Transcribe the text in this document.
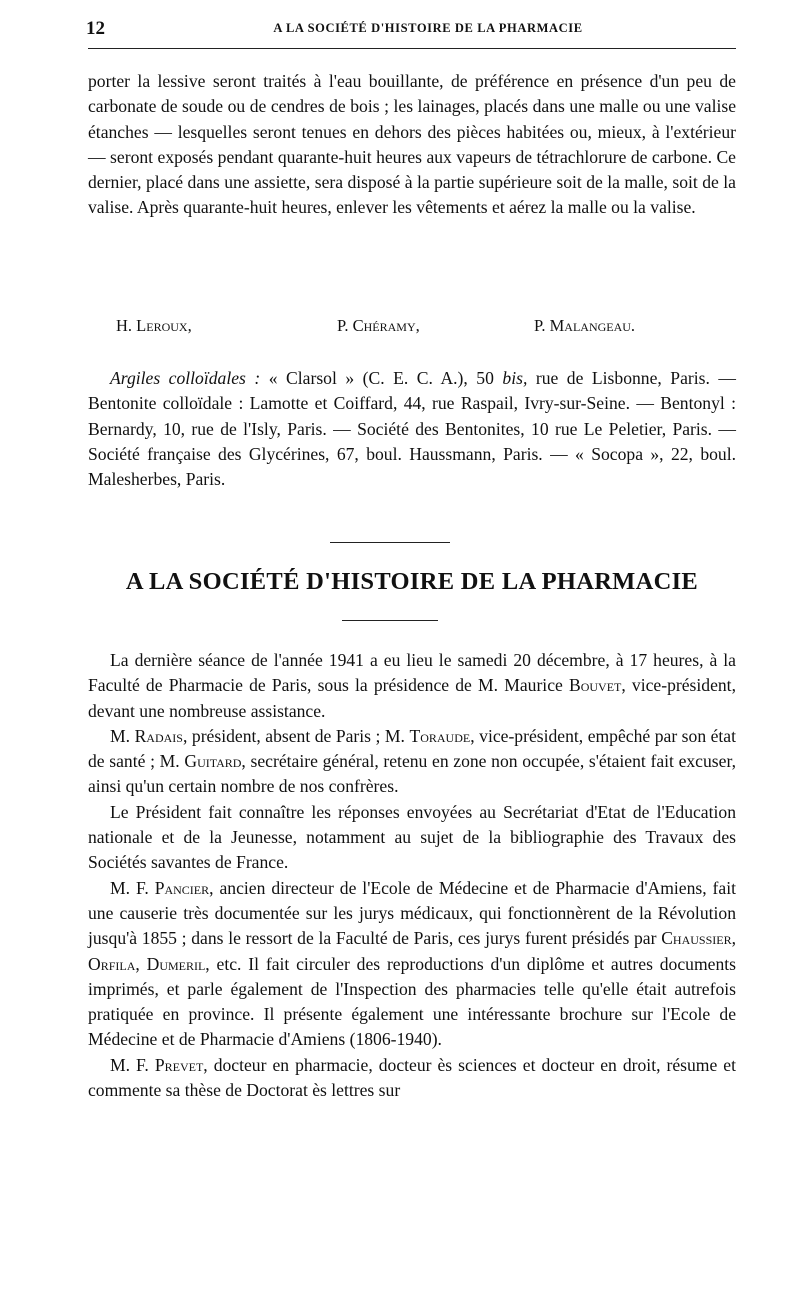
12	A LA SOCIÉTÉ D'HISTOIRE DE LA PHARMACIE

porter la lessive seront traités à l'eau bouillante, de préférence en présence d'un peu de carbonate de soude ou de cendres de bois ; les lainages, placés dans une malle ou une valise étanches — lesquelles seront tenues en dehors des pièces habitées ou, mieux, à l'extérieur — seront exposés pendant quarante-huit heures aux vapeurs de tétrachlorure de carbone. Ce dernier, placé dans une assiette, sera disposé à la partie supérieure soit de la malle, soit de la valise. Après quarante-huit heures, enlever les vêtements et aérez la malle ou la valise.

H. Leroux,	P. Chéramy,	P. Malangeau.

Argiles colloïdales : « Clarsol » (C. E. C. A.), 50 bis, rue de Lisbonne, Paris. —Bentonite colloïdale : Lamotte et Coiffard, 44, rue Raspail, Ivry-sur-Seine. — Bentonyl : Bernardy, 10, rue de l'Isly, Paris. — Société des Bentonites, 10 rue Le Peletier, Paris. — Société française des Glycérines, 67, boul. Haussmann, Paris. — « Socopa », 22, boul. Malesherbes, Paris.

A LA SOCIÉTÉ D'HISTOIRE DE LA PHARMACIE

La dernière séance de l'année 1941 a eu lieu le samedi 20 décembre, à 17 heures, à la Faculté de Pharmacie de Paris, sous la présidence de M. Maurice Bouvet, vice-président, devant une nombreuse assistance.

M. Radais, président, absent de Paris ; M. Toraude, vice-président, empêché par son état de santé ; M. Guitard, secrétaire général, retenu en zone non occupée, s'étaient fait excuser, ainsi qu'un certain nombre de nos confrères.

Le Président fait connaître les réponses envoyées au Secrétariat d'Etat de l'Education nationale et de la Jeunesse, notamment au sujet de la bibliographie des Travaux des Sociétés savantes de France.

M. F. Pancier, ancien directeur de l'Ecole de Médecine et de Pharmacie d'Amiens, fait une causerie très documentée sur les jurys médicaux, qui fonctionnèrent de la Révolution jusqu'à 1855 ; dans le ressort de la Faculté de Paris, ces jurys furent présidés par Chaussier, Orfila, Dumeril, etc. Il fait circuler des reproductions d'un diplôme et autres documents imprimés, et parle également de l'Inspection des pharmacies telle qu'elle était autrefois pratiquée en province. Il présente également une intéressante brochure sur l'Ecole de Médecine et de Pharmacie d'Amiens (1806-1940).

M. F. Prevet, docteur en pharmacie, docteur ès sciences et docteur en droit, résume et commente sa thèse de Doctorat ès lettres sur
